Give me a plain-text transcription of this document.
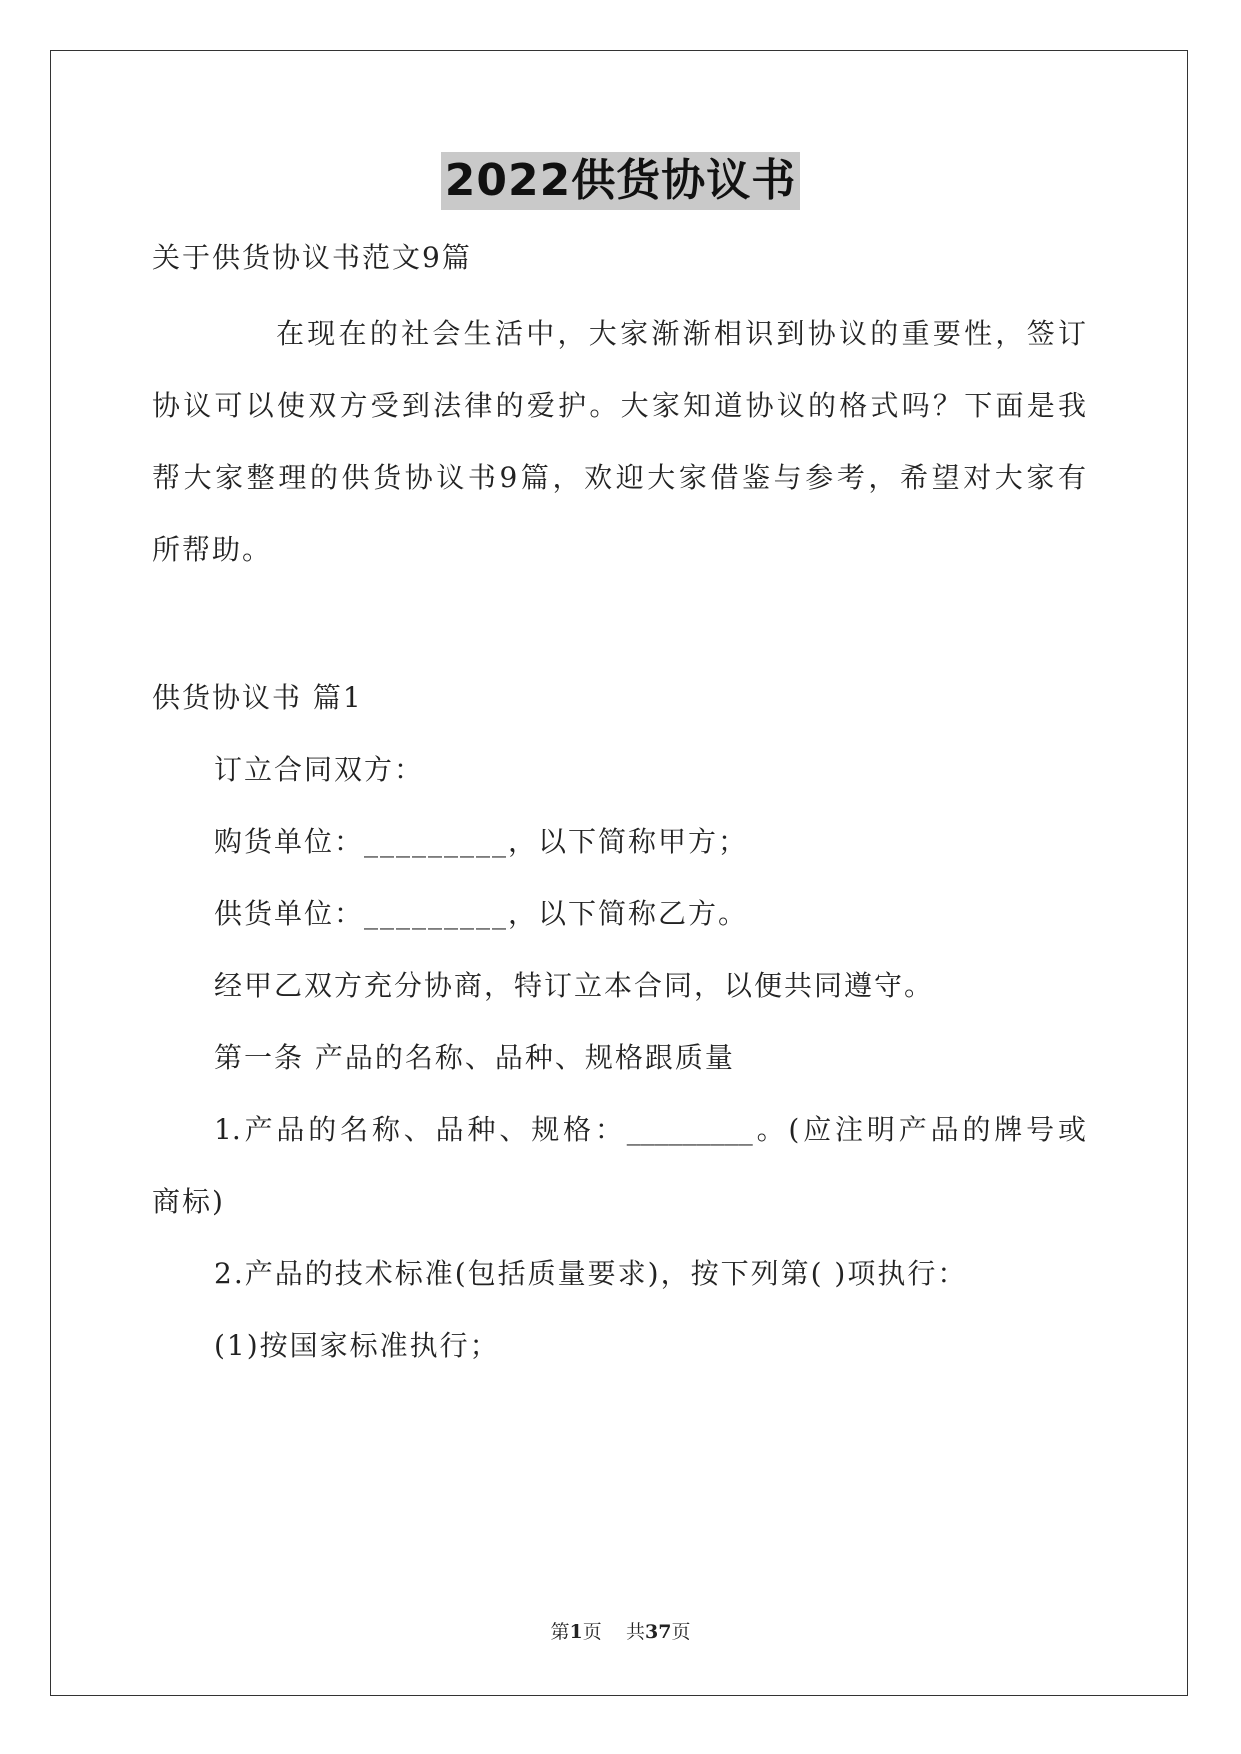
2022供货协议书
关于供货协议书范文9篇
在现在的社会生活中，大家渐渐相识到协议的重要性，签订
协议可以使双方受到法律的爱护。大家知道协议的格式吗？下面是我
帮大家整理的供货协议书9篇，欢迎大家借鉴与参考，希望对大家有
所帮助。
供货协议书 篇1
订立合同双方：
购货单位：_________，以下简称甲方；
供货单位：_________，以下简称乙方。
经甲乙双方充分协商，特订立本合同，以便共同遵守。
第一条 产品的名称、品种、规格跟质量
1.产品的名称、品种、规格：_________。(应注明产品的牌号或
商标)
2.产品的技术标准(包括质量要求)，按下列第( )项执行：
(1)按国家标准执行；
第1页 共37页
